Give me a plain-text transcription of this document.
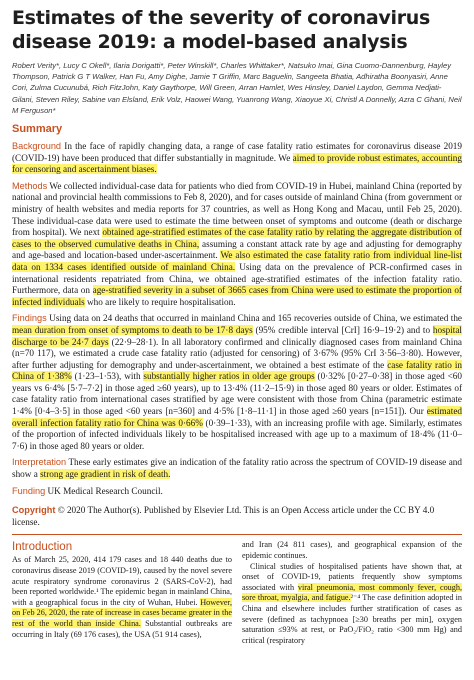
Estimates of the severity of coronavirus disease 2019: a model-based analysis
Robert Verity*, Lucy C Okell*, Ilaria Dorigatti*, Peter Winskill*, Charles Whittaker*, Natsuko Imai, Gina Cuomo-Dannenburg, Hayley Thompson, Patrick G T Walker, Han Fu, Amy Dighe, Jamie T Griffin, Marc Baguelin, Sangeeta Bhatia, Adhiratha Boonyasiri, Anne Cori, Zulma Cucunubá, Rich FitzJohn, Katy Gaythorpe, Will Green, Arran Hamlet, Wes Hinsley, Daniel Laydon, Gemma Nedjati-Gilani, Steven Riley, Sabine van Elsland, Erik Volz, Haowei Wang, Yuanrong Wang, Xiaoyue Xi, Christl A Donnelly, Azra C Ghani, Neil M Ferguson*
Summary
Background In the face of rapidly changing data, a range of case fatality ratio estimates for coronavirus disease 2019 (COVID-19) have been produced that differ substantially in magnitude. We aimed to provide robust estimates, accounting for censoring and ascertainment biases.
Methods We collected individual-case data for patients who died from COVID-19 in Hubei, mainland China (reported by national and provincial health commissions to Feb 8, 2020), and for cases outside of mainland China (from government or ministry of health websites and media reports for 37 countries, as well as Hong Kong and Macau, until Feb 25, 2020). These individual-case data were used to estimate the time between onset of symptoms and outcome (death or discharge from hospital). We next obtained age-stratified estimates of the case fatality ratio by relating the aggregate distribution of cases to the observed cumulative deaths in China, assuming a constant attack rate by age and adjusting for demography and age-based and location-based under-ascertainment. We also estimated the case fatality ratio from individual line-list data on 1334 cases identified outside of mainland China. Using data on the prevalence of PCR-confirmed cases in international residents repatriated from China, we obtained age-stratified estimates of the infection fatality ratio. Furthermore, data on age-stratified severity in a subset of 3665 cases from China were used to estimate the proportion of infected individuals who are likely to require hospitalisation.
Findings Using data on 24 deaths that occurred in mainland China and 165 recoveries outside of China, we estimated the mean duration from onset of symptoms to death to be 17·8 days (95% credible interval [CrI] 16·9–19·2) and to hospital discharge to be 24·7 days (22·9–28·1). In all laboratory confirmed and clinically diagnosed cases from mainland China (n=70 117), we estimated a crude case fatality ratio (adjusted for censoring) of 3·67% (95% CrI 3·56–3·80). However, after further adjusting for demography and under-ascertainment, we obtained a best estimate of the case fatality ratio in China of 1·38% (1·23–1·53), with substantially higher ratios in older age groups (0·32% [0·27–0·38] in those aged <60 years vs 6·4% [5·7–7·2] in those aged ≥60 years), up to 13·4% (11·2–15·9) in those aged 80 years or older. Estimates of case fatality ratio from international cases stratified by age were consistent with those from China (parametric estimate 1·4% [0·4–3·5] in those aged <60 years [n=360] and 4·5% [1·8–11·1] in those aged ≥60 years [n=151]). Our estimated overall infection fatality ratio for China was 0·66% (0·39–1·33), with an increasing profile with age. Similarly, estimates of the proportion of infected individuals likely to be hospitalised increased with age up to a maximum of 18·4% (11·0–7·6) in those aged 80 years or older.
Interpretation These early estimates give an indication of the fatality ratio across the spectrum of COVID-19 disease and show a strong age gradient in risk of death.
Funding UK Medical Research Council.
Copyright © 2020 The Author(s). Published by Elsevier Ltd. This is an Open Access article under the CC BY 4.0 license.
Introduction

As of March 25, 2020, 414 179 cases and 18 440 deaths due to coronavirus disease 2019 (COVID-19), caused by the novel severe acute respiratory syndrome coronavirus 2 (SARS-CoV-2), had been reported worldwide.¹ The epidemic began in mainland China, with a geographical focus in the city of Wuhan, Hubei. However, on Feb 26, 2020, the rate of increase in cases became greater in the rest of the world than inside China. Substantial outbreaks are occurring in Italy (69 176 cases), the USA (51 914 cases),

and Iran (24 811 cases), and geographical expansion of the epidemic continues.

Clinical studies of hospitalised patients have shown that, at onset of COVID-19, patients frequently show symptoms associated with viral pneumonia, most commonly fever, cough, sore throat, myalgia, and fatigue.²⁻⁴ The case definition adopted in China and elsewhere includes further stratification of cases as severe (defined as tachypnoea [≥30 breaths per min], oxygen saturation ≤93% at rest, or PaO₂/FiO₂ ratio <300 mm Hg) and critical (respiratory
